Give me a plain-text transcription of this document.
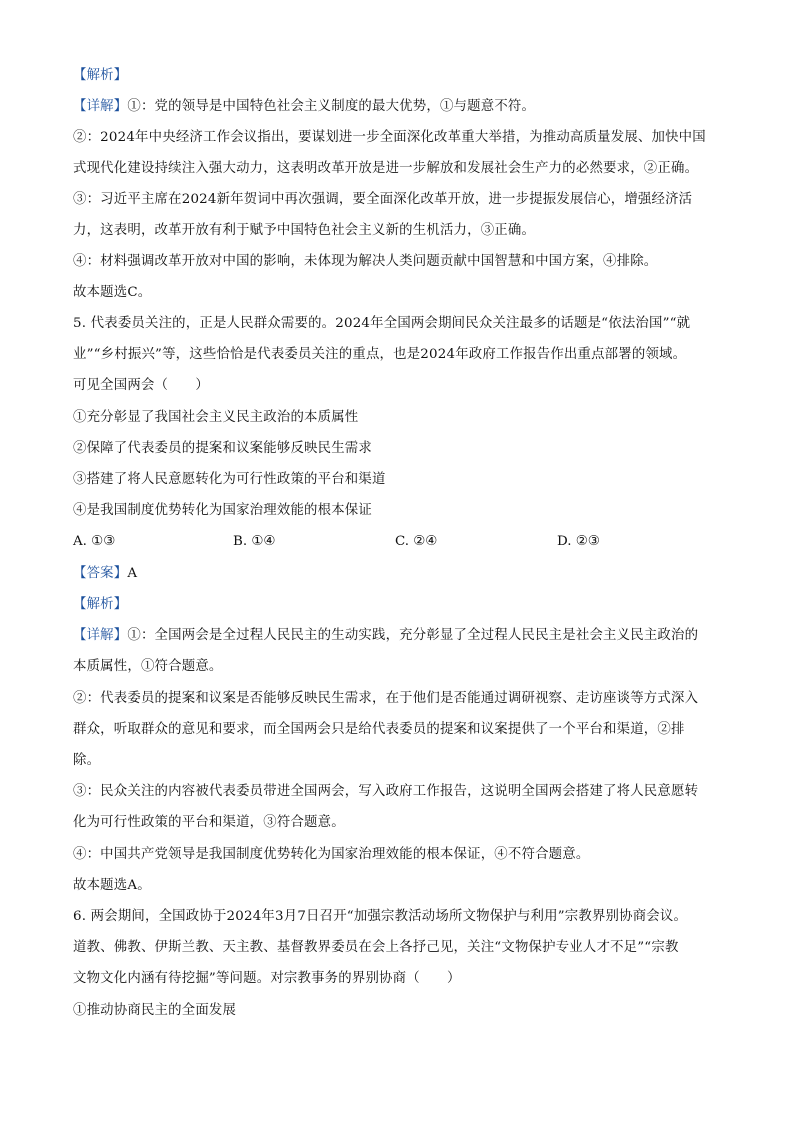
【解析】
【详解】①：党的领导是中国特色社会主义制度的最大优势，①与题意不符。
②：2024年中央经济工作会议指出，要谋划进一步全面深化改革重大举措，为推动高质量发展、加快中国
式现代化建设持续注入强大动力，这表明改革开放是进一步解放和发展社会生产力的必然要求，②正确。
③：习近平主席在2024新年贺词中再次强调，要全面深化改革开放，进一步提振发展信心，增强经济活
力，这表明，改革开放有利于赋予中国特色社会主义新的生机活力，③正确。
④：材料强调改革开放对中国的影响，未体现为解决人类问题贡献中国智慧和中国方案，④排除。
故本题选C。
5. 代表委员关注的，正是人民群众需要的。2024年全国两会期间民众关注最多的话题是“依法治国”“就
业”“乡村振兴”等，这些恰恰是代表委员关注的重点，也是2024年政府工作报告作出重点部署的领域。
可见全国两会（　　）
①充分彰显了我国社会主义民主政治的本质属性
②保障了代表委员的提案和议案能够反映民生需求
③搭建了将人民意愿转化为可行性政策的平台和渠道
④是我国制度优势转化为国家治理效能的根本保证
A. ①③	B. ①④	C. ②④	D. ②③
【答案】A
【解析】
【详解】①：全国两会是全过程人民民主的生动实践，充分彰显了全过程人民民主是社会主义民主政治的
本质属性，①符合题意。
②：代表委员的提案和议案是否能够反映民生需求，在于他们是否能通过调研视察、走访座谈等方式深入
群众，听取群众的意见和要求，而全国两会只是给代表委员的提案和议案提供了一个平台和渠道，②排
除。
③：民众关注的内容被代表委员带进全国两会，写入政府工作报告，这说明全国两会搭建了将人民意愿转
化为可行性政策的平台和渠道，③符合题意。
④：中国共产党领导是我国制度优势转化为国家治理效能的根本保证，④不符合题意。
故本题选A。
6. 两会期间，全国政协于2024年3月7日召开“加强宗教活动场所文物保护与利用”宗教界别协商会议。
道教、佛教、伊斯兰教、天主教、基督教界委员在会上各抒己见，关注“文物保护专业人才不足”“宗教
文物文化内涵有待挖掘”等问题。对宗教事务的界别协商（　　）
①推动协商民主的全面发展
